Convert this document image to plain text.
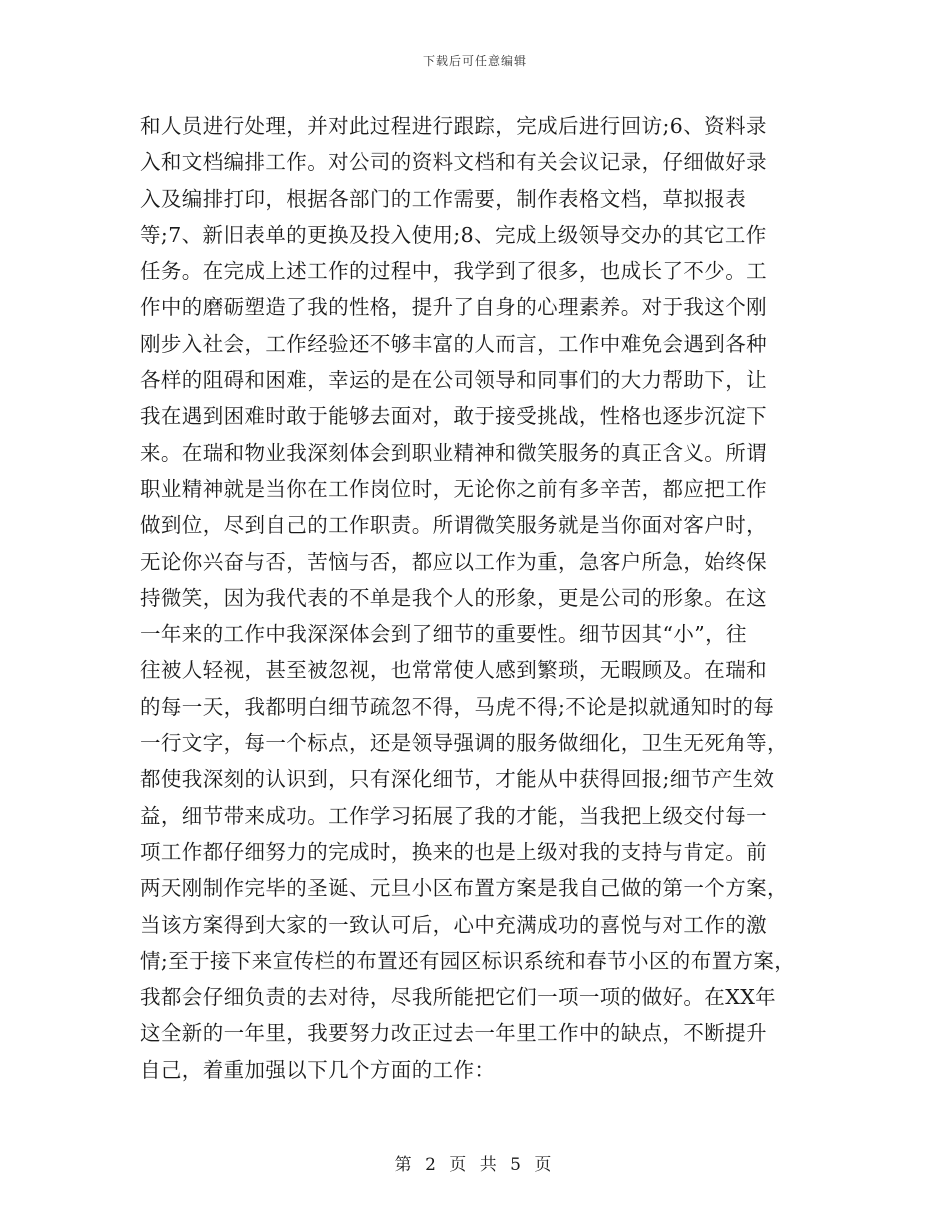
下载后可任意编辑
和人员进行处理，并对此过程进行跟踪，完成后进行回访;6、资料录
入和文档编排工作。对公司的资料文档和有关会议记录，仔细做好录
入及编排打印，根据各部门的工作需要，制作表格文档，草拟报表
等;7、新旧表单的更换及投入使用;8、完成上级领导交办的其它工作
任务。在完成上述工作的过程中，我学到了很多，也成长了不少。工
作中的磨砺塑造了我的性格，提升了自身的心理素养。对于我这个刚
刚步入社会，工作经验还不够丰富的人而言，工作中难免会遇到各种
各样的阻碍和困难，幸运的是在公司领导和同事们的大力帮助下，让
我在遇到困难时敢于能够去面对，敢于接受挑战，性格也逐步沉淀下
来。在瑞和物业我深刻体会到职业精神和微笑服务的真正含义。所谓
职业精神就是当你在工作岗位时，无论你之前有多辛苦，都应把工作
做到位，尽到自己的工作职责。所谓微笑服务就是当你面对客户时，
无论你兴奋与否，苦恼与否，都应以工作为重，急客户所急，始终保
持微笑，因为我代表的不单是我个人的形象，更是公司的形象。在这
一年来的工作中我深深体会到了细节的重要性。细节因其“小”，往
往被人轻视，甚至被忽视，也常常使人感到繁琐，无暇顾及。在瑞和
的每一天，我都明白细节疏忽不得，马虎不得;不论是拟就通知时的每
一行文字，每一个标点，还是领导强调的服务做细化，卫生无死角等，
都使我深刻的认识到，只有深化细节，才能从中获得回报;细节产生效
益，细节带来成功。工作学习拓展了我的才能，当我把上级交付每一
项工作都仔细努力的完成时，换来的也是上级对我的支持与肯定。前
两天刚制作完毕的圣诞、元旦小区布置方案是我自己做的第一个方案，
当该方案得到大家的一致认可后，心中充满成功的喜悦与对工作的激
情;至于接下来宣传栏的布置还有园区标识系统和春节小区的布置方案，
我都会仔细负责的去对待，尽我所能把它们一项一项的做好。在XX年
这全新的一年里，我要努力改正过去一年里工作中的缺点，不断提升
自己，着重加强以下几个方面的工作：
第 2 页 共 5 页
